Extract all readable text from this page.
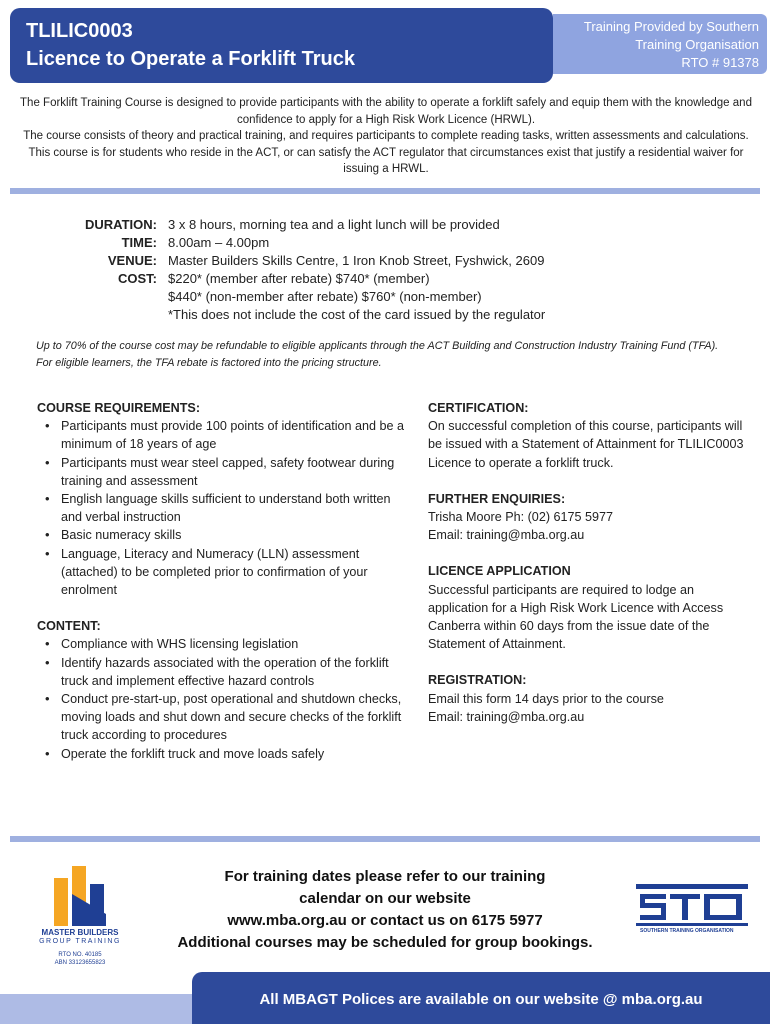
TLILIC0003
Licence to Operate a Forklift Truck
Training Provided by Southern
Training Organisation
RTO # 91378

The Forklift Training Course is designed to provide participants with the ability to operate a forklift safely and equip them with the knowledge and confidence to apply for a High Risk Work Licence (HRWL).

The course consists of theory and practical training, and requires participants to complete reading tasks, written assessments and calculations. This course is for students who reside in the ACT, or can satisfy the ACT regulator that circumstances exist that justify a residential waiver for issuing a HRWL.

DURATION: 3 x 8 hours, morning tea and a light lunch will be provided
TIME: 8.00am – 4.00pm
VENUE: Master Builders Skills Centre, 1 Iron Knob Street, Fyshwick, 2609
COST: $220* (member after rebate) $740* (member)
$440* (non-member after rebate) $760* (non-member)
*This does not include the cost of the card issued by the regulator
Up to 70% of the course cost may be refundable to eligible applicants through the ACT Building and Construction Industry Training Fund (TFA). For eligible learners, the TFA rebate is factored into the pricing structure.
COURSE REQUIREMENTS:
• Participants must provide 100 points of identification and be a minimum of 18 years of age
• Participants must wear steel capped, safety footwear during training and assessment
• English language skills sufficient to understand both written and verbal instruction
• Basic numeracy skills
• Language, Literacy and Numeracy (LLN) assessment (attached) to be completed prior to confirmation of your enrolment
CONTENT:
• Compliance with WHS licensing legislation
• Identify hazards associated with the operation of the forklift truck and implement effective hazard controls
• Conduct pre-start-up, post operational and shutdown checks, moving loads and shut down and secure checks of the forklift truck according to procedures
• Operate the forklift truck and move loads safely
CERTIFICATION:
On successful completion of this course, participants will be issued with a Statement of Attainment for TLILIC0003 Licence to operate a forklift truck.
FURTHER ENQUIRIES:
Trisha Moore Ph: (02) 6175 5977
Email: training@mba.org.au
LICENCE APPLICATION
Successful participants are required to lodge an application for a High Risk Work Licence with Access Canberra within 60 days from the issue date of the Statement of Attainment.
REGISTRATION:
Email this form 14 days prior to the course
Email: training@mba.org.au
MASTER BUILDERS
GROUP TRAINING
RTO NO. 40185
ABN 33123655823
For training dates please refer to our training
calendar on our website
www.mba.org.au or contact us on 6175 5977
Additional courses may be scheduled for group bookings.
SOUTHERN TRAINING ORGANISATION
All MBAGT Polices are available on our website @ mba.org.au
